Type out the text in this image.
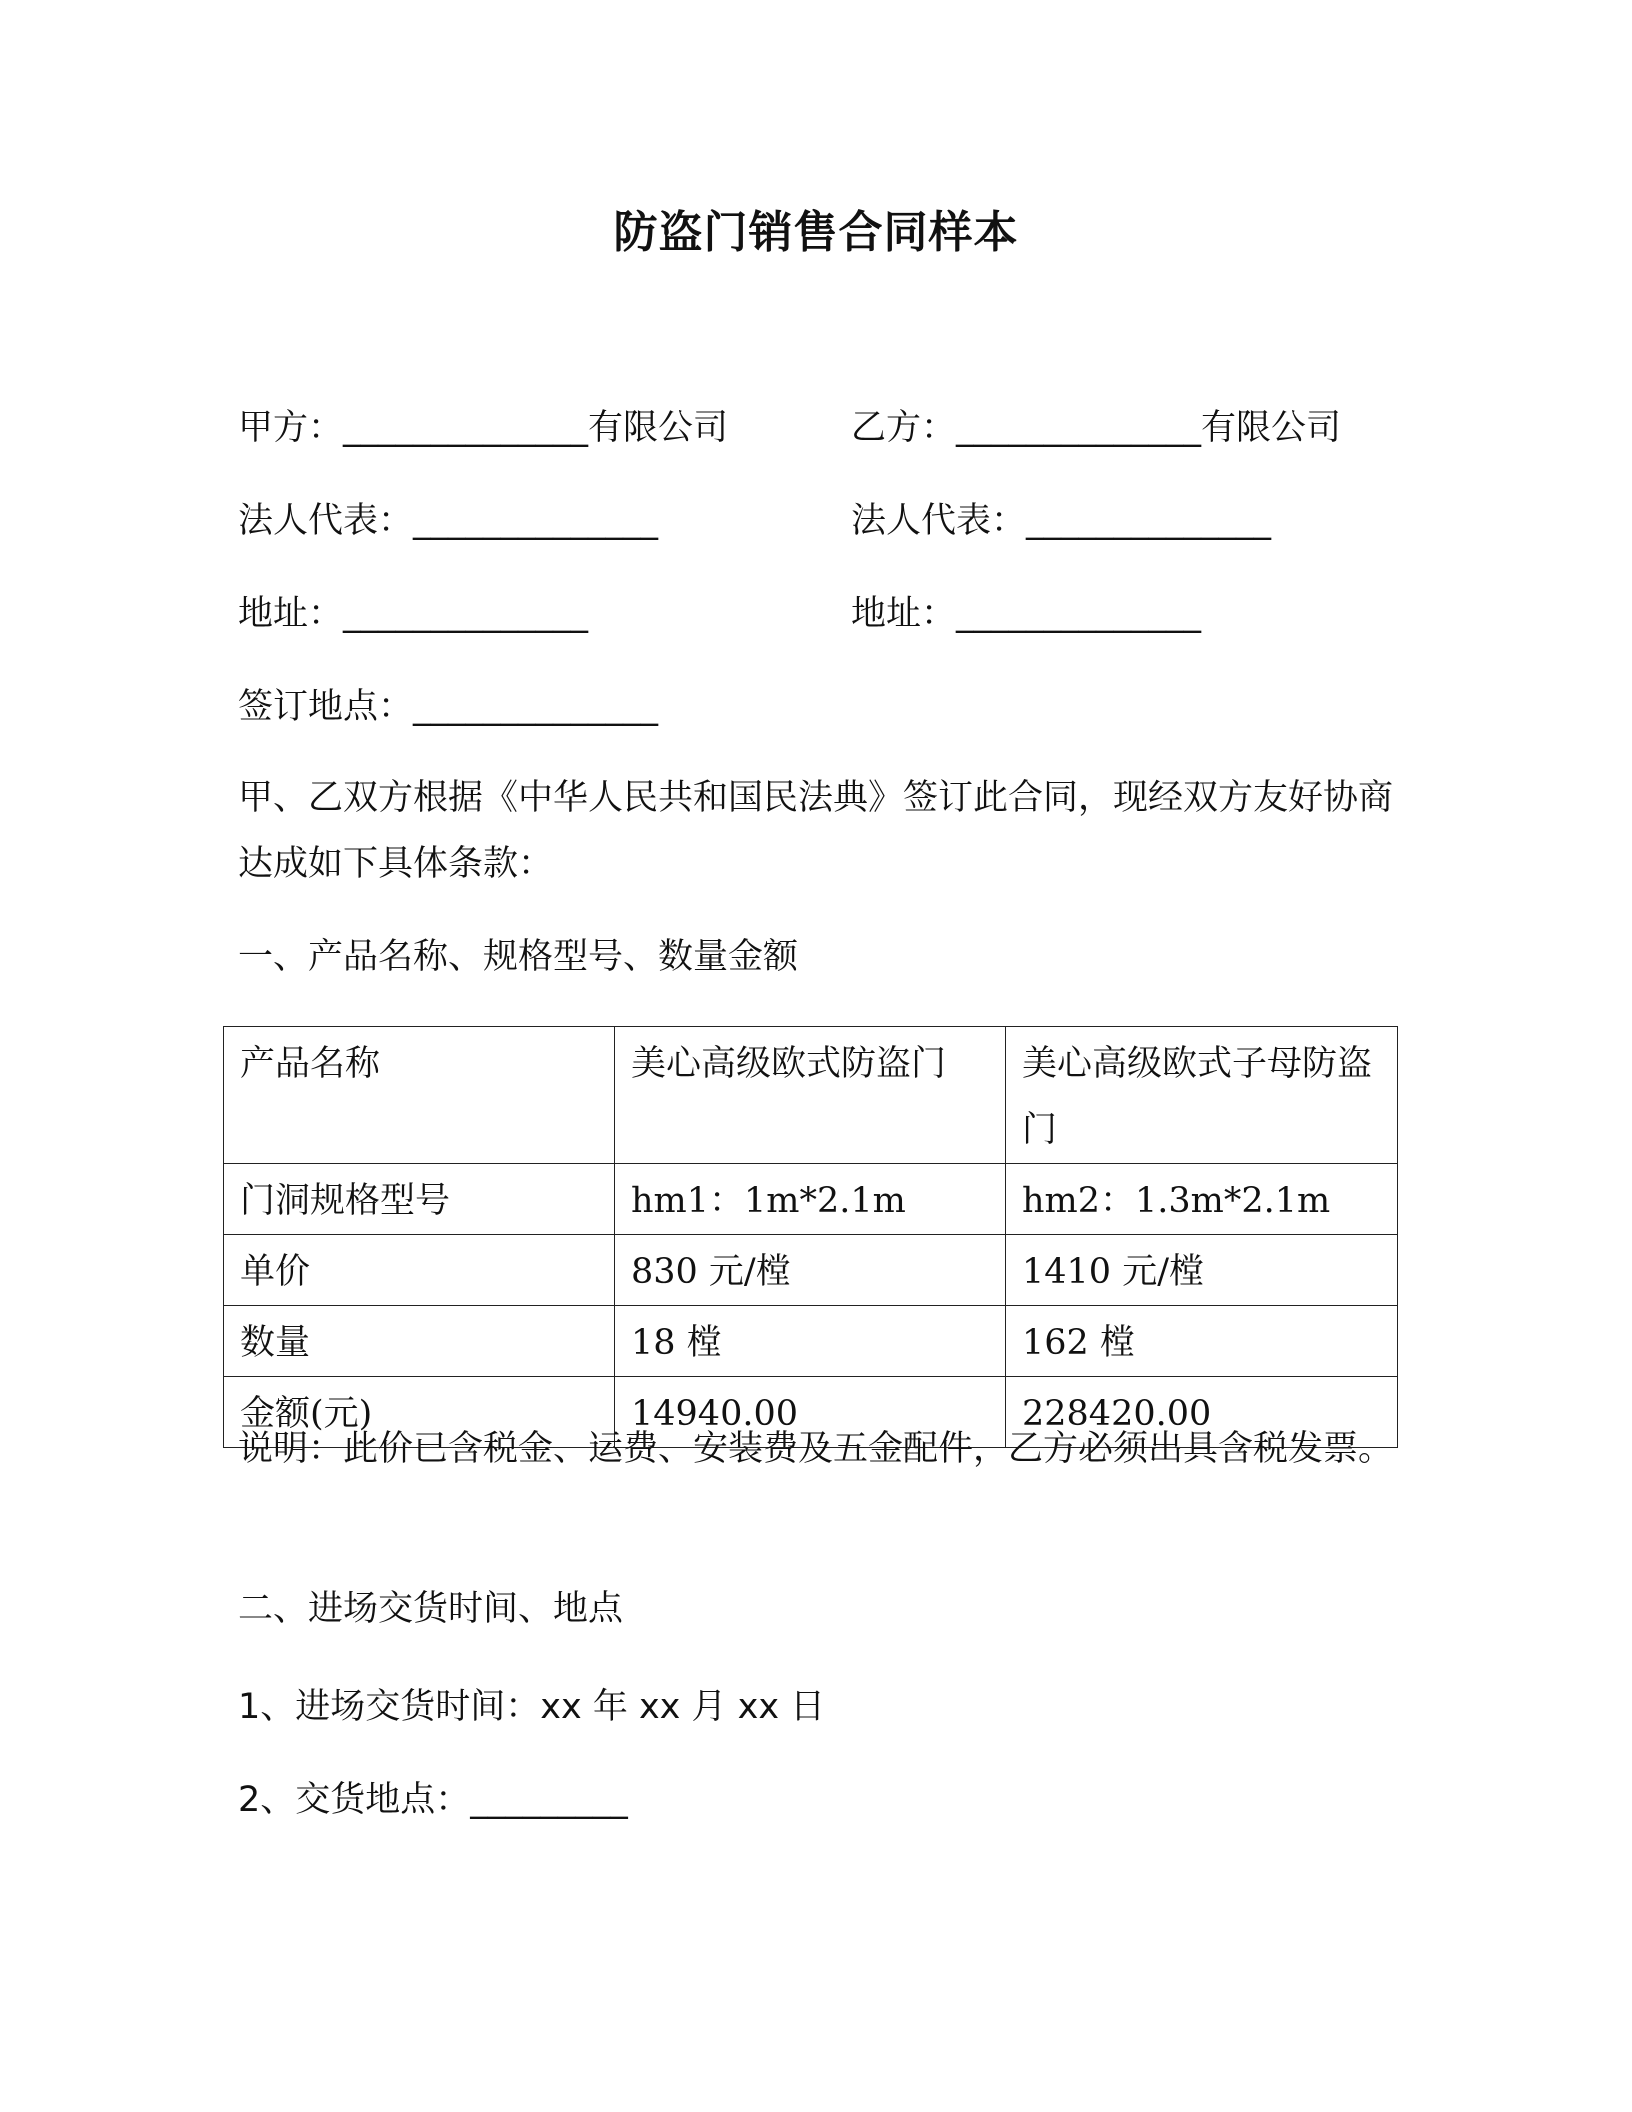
防盗门销售合同样本
甲方：______________有限公司	乙方：______________有限公司
法人代表：______________	法人代表：______________
地址：______________	地址：______________
签订地点：______________
甲、乙双方根据《中华人民共和国民法典》签订此合同，现经双方友好协商达成如下具体条款：
一、产品名称、规格型号、数量金额
产品名称	美心高级欧式防盗门	美心高级欧式子母防盗门
门洞规格型号	hm1：1m*2.1m	hm2：1.3m*2.1m
单价	830 元/樘	1410 元/樘
数量	18 樘	162 樘
金额(元)	14940.00	228420.00
说明：此价已含税金、运费、安装费及五金配件，乙方必须出具含税发票。
二、进场交货时间、地点
1、进场交货时间：xx 年 xx 月 xx 日
2、交货地点：_________
